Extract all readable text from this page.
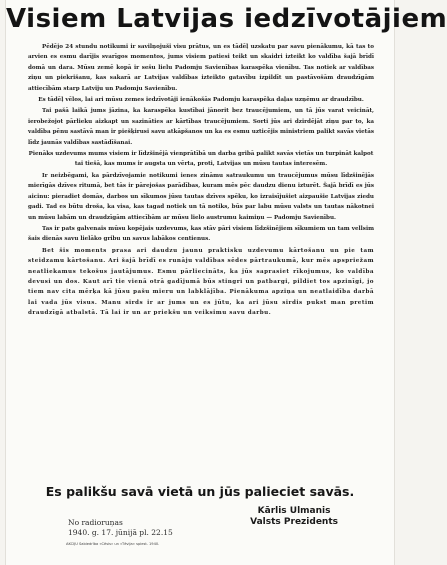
Visiem Latvijas iedzīvotājiem

Pēdējo 24 stundu notikumi ir savilņojuši visu prātus, un es tādēļ uzskatu par savu pienākumu, kā tas to arvien es esmu darījis svarīgos momentos, jums visiem patiesi teikt un skaidri izteikt ko valdība šajā brīdī domā un dara. Mūsu zemē kopā ir sešu lielu Padomju Savienības karaspēka vienību. Tas notiek ar valdības ziņu un piekrišanu, kas sakarā ar Latvijas valdības izteikto gatavību izpildīt un pastāvošām draudzīgām attiecībām starp Latviju un Padomju Savienību.

Es tādēļ vēlos, lai ari mūsu zemes iedzīvotāji ienākošās Padomju karaspēka daļas uzņēmu ar draudzību.

Tai pašā laikā jums jāzina, ka karaspēka kustībai jānorit bez traucējumiem, un tā jūs varat veicināt, ierobežojot pārlieku aizkapt un sazināties ar kārtības traucējumiem. Sorti jūs ari dzirdējāt ziņu par to, ka valdība pēnu sastāvā man ir piešķirusi savu atkāpšanos un ka es esmu uzticējis ministriem palikt savās vietās līdz jaunās valdības sastādīšanai.

Pienāks uzdevums mums visiem ir līdzšinējā vienprātībā un darba gribā palikt savās vietās un turpināt kalpot tai tiešā, kas mums ir augsta un vērta, proti, Latvijas un mūsu tautas interesēm.

Ir neizbēgami, ka pārdzīvojamie notikumi ienes zināmu satraukumu un traucējumus mūsu līdzšinējās mierīgās dzīves ritumā, bet tās ir pārejošas parādības, kuram mēs pēc daudzu dienu izturēt. Šajā brīdī es jūs aicinu: pieradiet domās, darbos un sīkumos jūsu tautas dzīves spēku, ko izraisījušiet aizpaušie Latvijas ziedu gadi. Tad es būtu droša, ka visa, kas tagad notiek un tā notiks, būs par labu mūsu valsts un tautas nākotnei un mūsu labām un draudzīgām attiecībām ar mūsu lielo austrumu kaimiņu — Padomju Savienību.

Tas ir pats galvenais mūsu kopējais uzdevums, kas stāv pāri visiem līdzšinējiem sīkumiem un tam vellsim šais dienās savu lielāko gribu un savus labākos centienus.

Bet šis moments prasa ari daudzu jaunu praktisku uzdevumu kārtošanu un pie tam steidzamu kārtošanu. Ari šajā brīdī es runāju valdības sēdes pārtraukumā, kur mēs apspriežam neatliekamus tekošus jautājumus. Esmu pārliecināts, ka jūs saprasiet rīkojumus, ko valdība devusi un dos. Kaut arī tie vienā otrā gadījumā būs stingri un patbargi, pildiet tos apzinīgi, jo tiem nav cita mērķa kā jūsu pašu mieru un labklājība. Pienākuma apziņa un neatlaidība darbā lai vada jūs visus. Manu sirds ir ar jums un es jūtu, ka ari jūsu sirdis pukst man pretim draudzīgā atbalstā. Tā lai ir un ar priekšu un veiksimu savu darbu.

Es palikšu savā vietā un jūs palieciet savās.
Kārlis Ulmanis
Valsts Prezidents
No radioruņas
1940. g. 17. jūnijā pl. 22.15
AKCIJU Sabiedrība «Cēsis» un «Tēvija» spiest. 1940.
